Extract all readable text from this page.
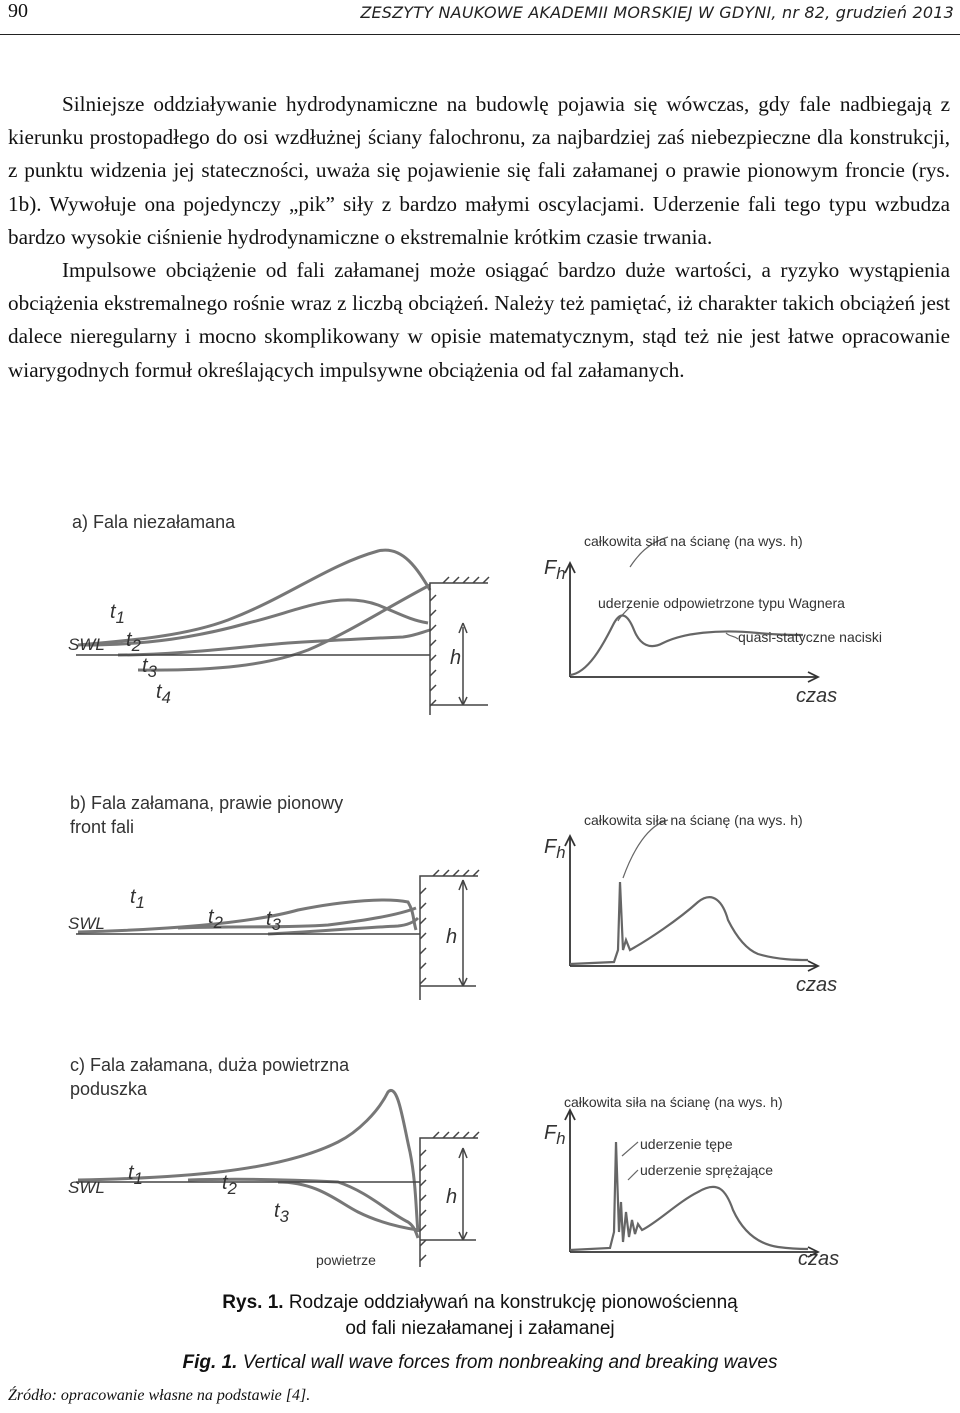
90	ZESZYTY NAUKOWE AKADEMII MORSKIEJ W GDYNI, nr 82, grudzień 2013

Silniejsze oddziaływanie hydrodynamiczne na budowlę pojawia się wówczas, gdy fale nadbiegają z kierunku prostopadłego do osi wzdłużnej ściany falochronu, za najbardziej zaś niebezpieczne dla konstrukcji, z punktu widzenia jej stateczności, uważa się pojawienie się fali załamanej o prawie pionowym froncie (rys. 1b). Wywołuje ona pojedynczy „pik” siły z bardzo małymi oscylacjami. Uderzenie fali tego typu wzbudza bardzo wysokie ciśnienie hydrodynamiczne o ekstremalnie krótkim czasie trwania.

Impulsowe obciążenie od fali załamanej może osiągać bardzo duże wartości, a ryzyko wystąpienia obciążenia ekstremalnego rośnie wraz z liczbą obciążeń. Należy też pamiętać, iż charakter takich obciążeń jest dalece nieregularny i mocno skomplikowany w opisie matematycznym, stąd też nie jest łatwe opracowanie wiarygodnych formuł określających impulsywne obciążenia od fal załamanych.

a) Fala niezałamana
$t_1$
$t_2$
$t_3$
$t_4$
SWL
h
$F_h$
czas
całkowita siła na ścianę (na wys. h)
uderzenie odpowietrzone typu Wagnera
quasi-statyczne naciski
b) Fala załamana, prawie pionowy
front fali
$t_1$
$t_2$ $t_3$
SWL
h
$F_h$
czas
całkowita siła na ścianę (na wys. h)
c) Fala załamana, duża powietrzna
poduszka
$t_1$	$t_2$
$t_3$
SWL	h
powietrze
$F_h$
czas
całkowita siła na ścianę (na wys. h)
uderzenie tępe
uderzenie sprężające
Rys. 1. Rodzaje oddziaływań na konstrukcję pionowościenną
od fali niezałamanej i załamanej
Fig. 1. Vertical wall wave forces from nonbreaking and breaking waves
Źródło: opracowanie własne na podstawie [4].
